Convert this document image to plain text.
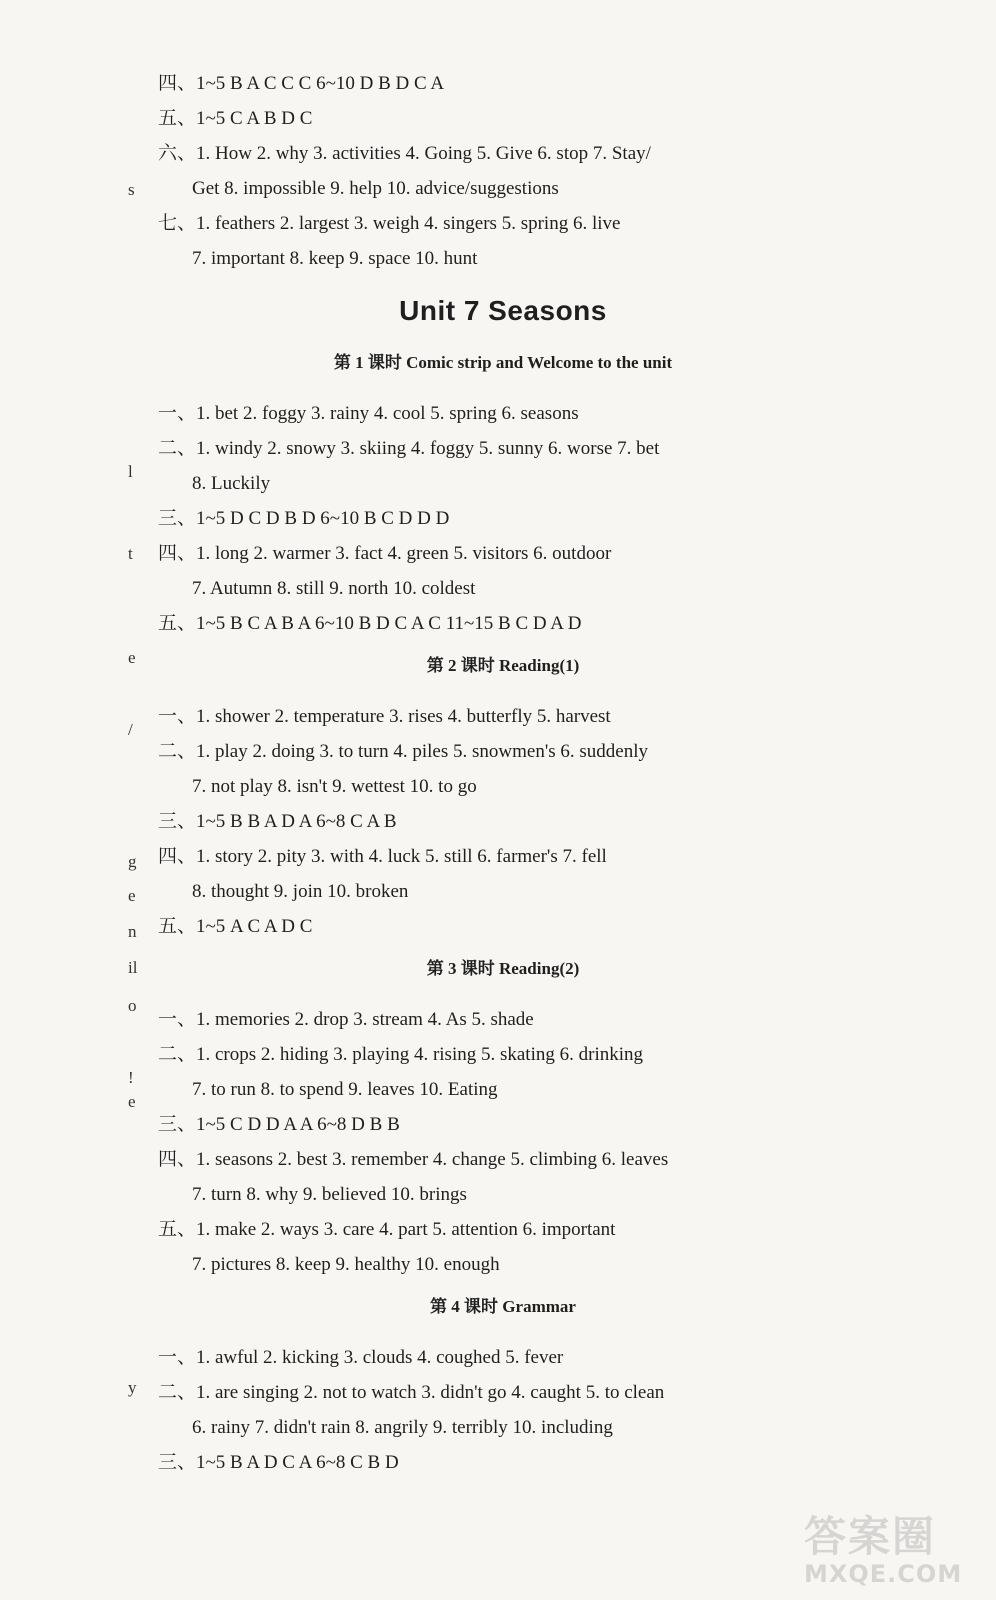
s
l
t
e
/
g
e
n
il
o
!
e
y
四、1~5 B A C C C 6~10 D B D C A
五、1~5 C A B D C
六、1. How 2. why 3. activities 4. Going 5. Give 6. stop 7. Stay/
Get 8. impossible 9. help 10. advice/suggestions
七、1. feathers 2. largest 3. weigh 4. singers 5. spring 6. live
7. important 8. keep 9. space 10. hunt
Unit 7 Seasons
第 1 课时 Comic strip and Welcome to the unit
一、1. bet 2. foggy 3. rainy 4. cool 5. spring 6. seasons
二、1. windy 2. snowy 3. skiing 4. foggy 5. sunny 6. worse 7. bet
8. Luckily
三、1~5 D C D B D 6~10 B C D D D
四、1. long 2. warmer 3. fact 4. green 5. visitors 6. outdoor
7. Autumn 8. still 9. north 10. coldest
五、1~5 B C A B A 6~10 B D C A C 11~15 B C D A D
第 2 课时 Reading(1)
一、1. shower 2. temperature 3. rises 4. butterfly 5. harvest
二、1. play 2. doing 3. to turn 4. piles 5. snowmen's 6. suddenly
7. not play 8. isn't 9. wettest 10. to go
三、1~5 B B A D A 6~8 C A B
四、1. story 2. pity 3. with 4. luck 5. still 6. farmer's 7. fell
8. thought 9. join 10. broken
五、1~5 A C A D C
第 3 课时 Reading(2)
一、1. memories 2. drop 3. stream 4. As 5. shade
二、1. crops 2. hiding 3. playing 4. rising 5. skating 6. drinking
7. to run 8. to spend 9. leaves 10. Eating
三、1~5 C D D A A 6~8 D B B
四、1. seasons 2. best 3. remember 4. change 5. climbing 6. leaves
7. turn 8. why 9. believed 10. brings
五、1. make 2. ways 3. care 4. part 5. attention 6. important
7. pictures 8. keep 9. healthy 10. enough
第 4 课时 Grammar
一、1. awful 2. kicking 3. clouds 4. coughed 5. fever
二、1. are singing 2. not to watch 3. didn't go 4. caught 5. to clean
6. rainy 7. didn't rain 8. angrily 9. terribly 10. including
三、1~5 B A D C A 6~8 C B D
答案圈
MXQE.COM
